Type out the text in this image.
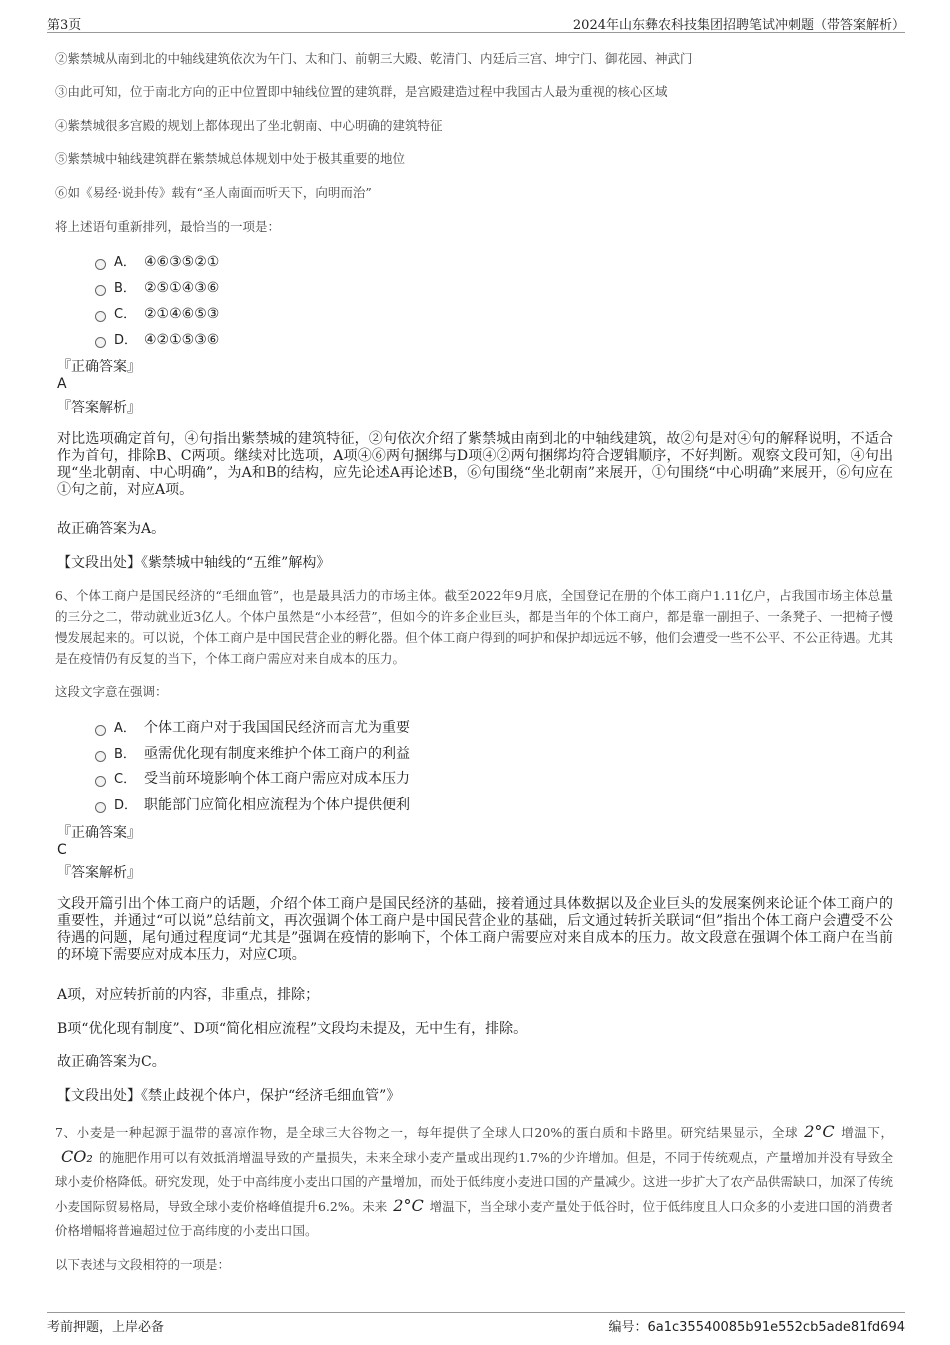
第3页	2024年山东彝农科技集团招聘笔试冲刺题（带答案解析）
②紫禁城从南到北的中轴线建筑依次为午门、太和门、前朝三大殿、乾清门、内廷后三宫、坤宁门、御花园、神武门
③由此可知，位于南北方向的正中位置即中轴线位置的建筑群，是宫殿建造过程中我国古人最为重视的核心区域
④紫禁城很多宫殿的规划上都体现出了坐北朝南、中心明确的建筑特征
⑤紫禁城中轴线建筑群在紫禁城总体规划中处于极其重要的地位
⑥如《易经·说卦传》载有“圣人南面而听天下，向明而治”
将上述语句重新排列，最恰当的一项是：
A． ④⑥③⑤②①
B． ②⑤①④③⑥
C． ②①④⑥⑤③
D． ④②①⑤③⑥
『正确答案』
A
『答案解析』
对比选项确定首句，④句指出紫禁城的建筑特征，②句依次介绍了紫禁城由南到北的中轴线建筑，故②句是对④句的解释说明，不适合作为首句，排除B、C两项。继续对比选项，A项④⑥两句捆绑与D项④②两句捆绑均符合逻辑顺序，不好判断。观察文段可知，④句出现“坐北朝南、中心明确”，为A和B的结构，应先论述A再论述B，⑥句围绕“坐北朝南”来展开，①句围绕“中心明确”来展开，⑥句应在①句之前，对应A项。
故正确答案为A。
【文段出处】《紫禁城中轴线的“五维”解构》
6、个体工商户是国民经济的“毛细血管”，也是最具活力的市场主体。截至2022年9月底，全国登记在册的个体工商户1.11亿户，占我国市场主体总量的三分之二，带动就业近3亿人。个体户虽然是“小本经营”，但如今的许多企业巨头，都是当年的个体工商户，都是靠一副担子、一条凳子、一把椅子慢慢发展起来的。可以说，个体工商户是中国民营企业的孵化器。但个体工商户得到的呵护和保护却远远不够，他们会遭受一些不公平、不公正待遇。尤其是在疫情仍有反复的当下，个体工商户需应对来自成本的压力。
这段文字意在强调：
A． 个体工商户对于我国国民经济而言尤为重要
B． 亟需优化现有制度来维护个体工商户的利益
C． 受当前环境影响个体工商户需应对成本压力
D． 职能部门应简化相应流程为个体户提供便利
『正确答案』
C
『答案解析』
文段开篇引出个体工商户的话题，介绍个体工商户是国民经济的基础，接着通过具体数据以及企业巨头的发展案例来论证个体工商户的重要性，并通过“可以说”总结前文，再次强调个体工商户是中国民营企业的基础，后文通过转折关联词“但”指出个体工商户会遭受不公待遇的问题，尾句通过程度词“尤其是”强调在疫情的影响下，个体工商户需要应对来自成本的压力。故文段意在强调个体工商户在当前的环境下需要应对成本压力，对应C项。
A项，对应转折前的内容，非重点，排除；
B项“优化现有制度”、D项“简化相应流程”文段均未提及，无中生有，排除。
故正确答案为C。
【文段出处】《禁止歧视个体户，保护“经济毛细血管”》
7、小麦是一种起源于温带的喜凉作物，是全球三大谷物之一，每年提供了全球人口20%的蛋白质和卡路里。研究结果显示，全球 2°C 增温下，CO₂ 的施肥作用可以有效抵消增温导致的产量损失，未来全球小麦产量或出现约1.7%的少许增加。但是，不同于传统观点，产量增加并没有导致全球小麦价格降低。研究发现，处于中高纬度小麦出口国的产量增加，而处于低纬度小麦进口国的产量减少。这进一步扩大了农产品供需缺口，加深了传统小麦国际贸易格局，导致全球小麦价格峰值提升6.2%。未来 2°C 增温下，当全球小麦产量处于低谷时，位于低纬度且人口众多的小麦进口国的消费者价格增幅将普遍超过位于高纬度的小麦出口国。
以下表述与文段相符的一项是：
考前押题，上岸必备	编号：6a1c35540085b91e552cb5ade81fd694
